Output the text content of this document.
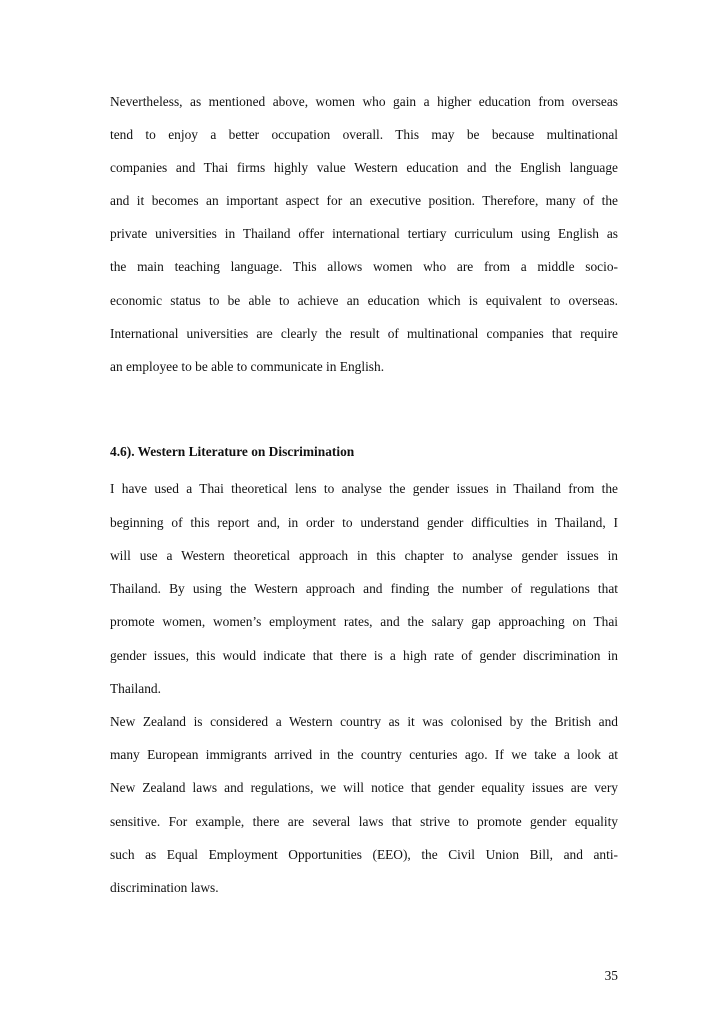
Nevertheless, as mentioned above, women who gain a higher education from overseas

tend to enjoy a better occupation overall. This may be because multinational

companies and Thai firms highly value Western education and the English language

and it becomes an important aspect for an executive position. Therefore, many of the

private universities in Thailand offer international tertiary curriculum using English as

the main teaching language. This allows women who are from a middle socio-

economic status to be able to achieve an education which is equivalent to overseas.

International universities are clearly the result of multinational companies that require

an employee to be able to communicate in English.

4.6). Western Literature on Discrimination

I have used a Thai theoretical lens to analyse the gender issues in Thailand from the

beginning of this report and, in order to understand gender difficulties in Thailand, I

will use a Western theoretical approach in this chapter to analyse gender issues in

Thailand. By using the Western approach and finding the number of regulations that

promote women, women’s employment rates, and the salary gap approaching on Thai

gender issues, this would indicate that there is a high rate of gender discrimination in

Thailand.

New Zealand is considered a Western country as it was colonised by the British and

many European immigrants arrived in the country centuries ago. If we take a look at

New Zealand laws and regulations, we will notice that gender equality issues are very

sensitive. For example, there are several laws that strive to promote gender equality

such as Equal Employment Opportunities (EEO), the Civil Union Bill, and anti-

discrimination laws.

35
